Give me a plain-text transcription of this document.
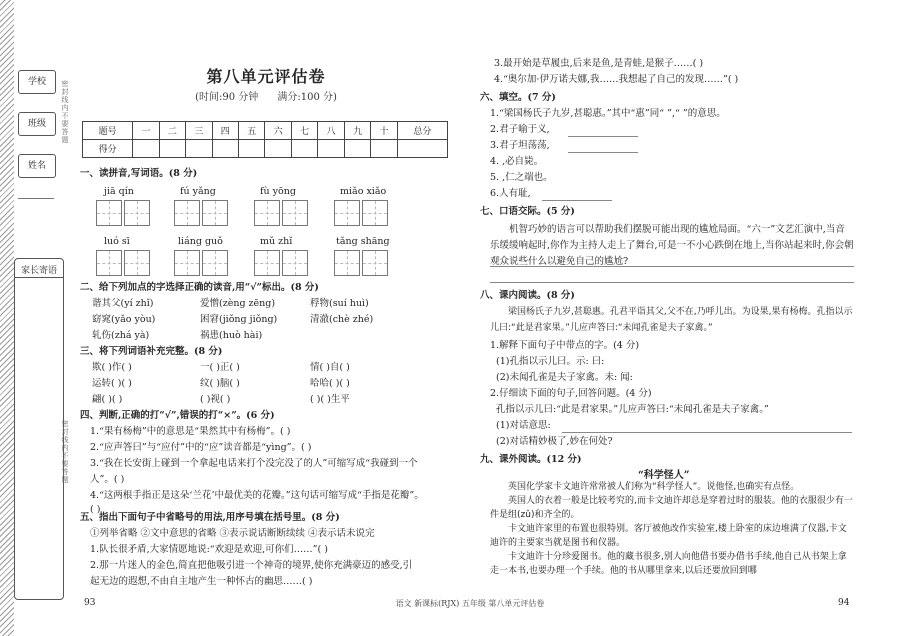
学校
班级
姓名
家长寄语
密封线内不要答题
密封线内不要答题
第八单元评估卷
(时间:90 分钟 满分:100 分)
题号	一	二	三	四	五	六	七	八	九	十	总分
得分											
一、读拼音,写词语。(8 分)
jiā qín	fú yǎng	fù yōng	miǎo xiǎo
luó sī	liáng guǒ	mǔ zhǐ	tǎng shāng
二、给下列加点的字选择正确的读音,用“√”标出。(8 分)
谐其父(yí zhǐ)	爱憎(zèng zēng)	稃物(suí huì)
窈窕(yǎo yòu)	困窘(jiǒng jiǒng)	清澈(chè zhé)
轧伤(zhá yà)	祸患(huò hài)
三、将下列词语补充完整。(8 分)
欺( )作( )	一( )正( )	情( )自( )
运转( )( )	纹( )脑( )	哈哈( )( )
翩( )( )	( )视( )	( )( )生平
四、判断,正确的打“√”,错误的打“×”。(6 分)
1.“果有杨梅”中的意思是“果然其中有杨梅”。( )
2.“应声答曰”与“应付”中的“应”读音都是“yìng”。( )
3.“我在长安街上碰到一个拿起电话来打个没完没了的人”可缩写成“我碰到一个
人”。( )
4.“这两根手指正是这朵‘兰花’中最优美的花瓣。”这句话可缩写成“手指是花瓣”。
( )
五、指出下面句子中省略号的用法,用序号填在括号里。(8 分)
①列举省略 ②文中意思的省略 ③表示说话断断续续 ④表示话未说完
1.队长很矛盾,大家情愿地说:“欢迎是欢迎,可你们……”( )
2.那一片迷人的金色,简直把他吸引进一个神奇的境界,使你充满豪迈的感受,引
起无边的遐想,不由自主地产生一种怀古的幽思……( )
3.最开始是草履虫,后来是鱼,是青蛙,是猴子……( )
4.“奥尔加·伊万诺夫娜,我……我想起了自己的发现……”( )
六、填空。(7 分)
1.“梁国杨氏子九岁,甚聪惠。”其中“惠”同“ ”,“ ”的意思。
2.君子喻于义,
3.君子坦荡荡,
4. ,必自毙。
5. ,仁之端也。
6.人有耻,
七、口语交际。(5 分)
机智巧妙的语言可以帮助我们摆脱可能出现的尴尬局面。“六一”文艺汇演中,当音乐缓缓响起时,你作为主持人走上了舞台,可是一不小心跌倒在地上,当你站起来时,你会朝观众说些什么以避免自己的尴尬?
八、课内阅读。(8 分)
梁国杨氏子九岁,甚聪惠。孔君平诣其父,父不在,乃呼儿出。为设果,果有杨梅。孔指以示儿曰:“此是君家果。”儿应声答曰:“未闻孔雀是夫子家禽。”
1.解释下面句子中带点的字。(4 分)
(1)孔指以示儿曰。示: 曰:
(2)未闻孔雀是夫子家禽。未: 闻:
2.仔细读下面的句子,回答问题。(4 分)
孔指以示儿曰:“此是君家果。”儿应声答曰:“未闻孔雀是夫子家禽。”
(1)对话意思:
(2)对话精妙极了,妙在何处?
九、课外阅读。(12 分)
“科学怪人”
英国化学家卡文迪许常常被人们称为“科学怪人”。说他怪,也确实有点怪。
英国人的衣着一般是比较考究的,而卡文迪许却总是穿着过时的服装。他的衣服很少有一件是组(zǔ)和齐全的。
卡文迪许家里的布置也很特别。客厅被他改作实验室,楼上卧室的床边堆满了仪器,卡文迪许的主要家当就是图书和仪器。
卡文迪许十分珍爱图书。他的藏书很多,别人向他借书要办借书手续,他自己从书架上拿走一本书,也要办理一个手续。他的书从哪里拿来,以后还要放回到哪
93	语文 新课标(RJX) 五年级 第八单元评估卷	94
